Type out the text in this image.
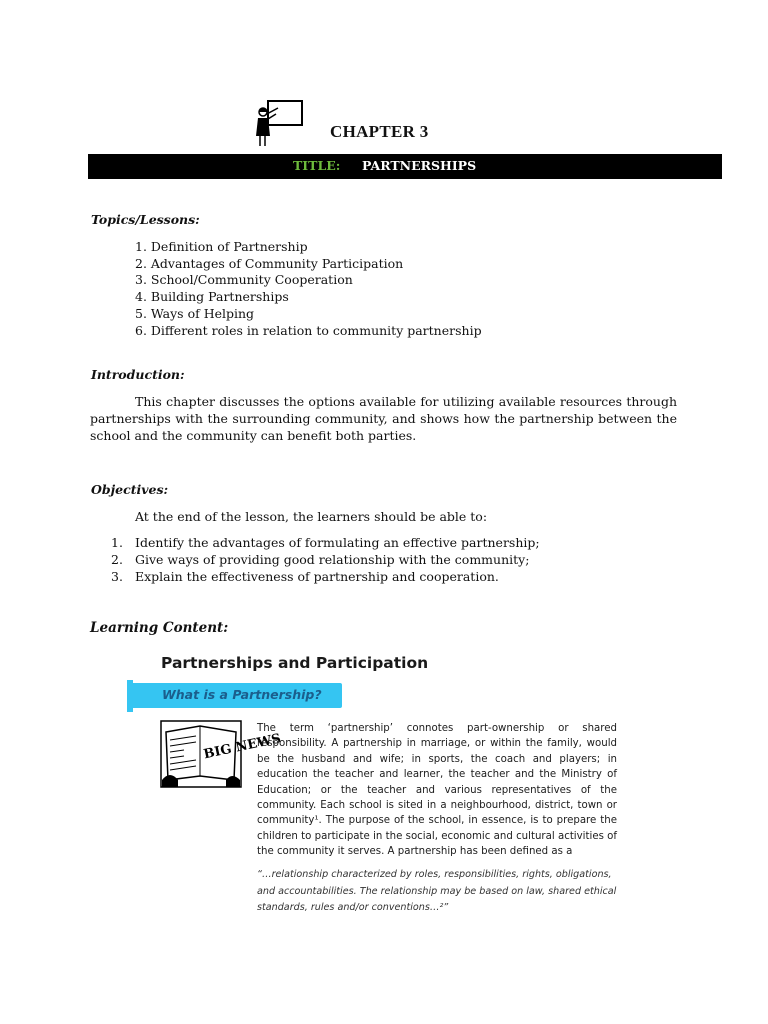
CHAPTER 3
TITLE: PARTNERSHIPS
Topics/Lessons:
1. Definition of Partnership
2. Advantages of Community Participation
3. School/Community Cooperation
4. Building Partnerships
5. Ways of Helping
6. Different roles in relation to community partnership
Introduction:

This chapter discusses the options available for utilizing available resources through partnerships with the surrounding community, and shows how the partnership between the school and the community can benefit both parties.

Objectives:
At the end of the lesson, the learners should be able to:
1. Identify the advantages of formulating an effective partnership;
2. Give ways of providing good relationship with the community;
3. Explain the effectiveness of partnership and cooperation.
Learning Content:
Partnerships and Participation
What is a Partnership?
BIG NEWS

The term ‘partnership’ connotes part-ownership or shared responsibility. A partnership in marriage, or within the family, would be the husband and wife; in sports, the coach and players; in education the teacher and learner, the teacher and the Ministry of Education; or the teacher and various representatives of the community. Each school is sited in a neighbourhood, district, town or community¹. The purpose of the school, in essence, is to prepare the children to participate in the social, economic and cultural activities of the community it serves. A partnership has been defined as a

“…relationship characterized by roles, responsibilities, rights, obligations, and accountabilities. The relationship may be based on law, shared ethical standards, rules and/or conventions…²”
